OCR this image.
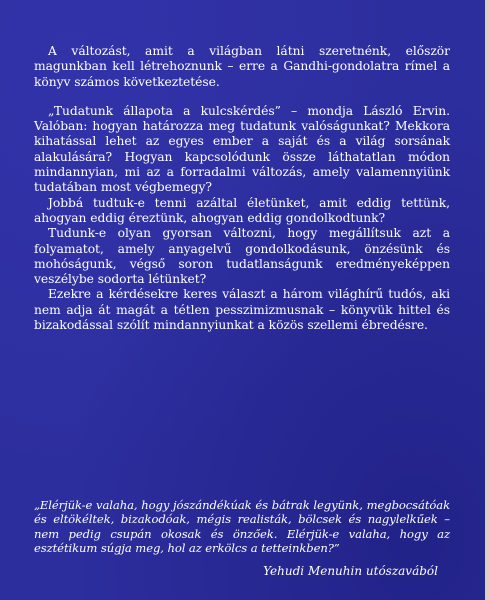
A változást, amit a világban látni szeretnénk, először magunkban kell létrehoznunk – erre a Gandhi-gondolatra rímel a könyv számos következtetése.

„Tudatunk állapota a kulcskérdés” – mondja László Ervin. Valóban: hogyan határozza meg tudatunk valóságunkat? Mekkora kihatással lehet az egyes ember a saját és a világ sorsának alakulására? Hogyan kapcsolódunk össze láthatatlan módon mindannyian, mi az a forradalmi változás, amely valamennyiünk tudatában most végbemegy?

Jobbá tudtuk-e tenni azáltal életünket, amit eddig tettünk, ahogyan eddig éreztünk, ahogyan eddig gondolkodtunk?

Tudunk-e olyan gyorsan változni, hogy megállítsuk azt a folyamatot, amely anyagelvű gondolkodásunk, önzésünk és mohóságunk, végső soron tudatlanságunk eredményeképpen veszélybe sodorta létünket?

Ezekre a kérdésekre keres választ a három világhírű tudós, aki nem adja át magát a tétlen pesszimizmusnak – könyvük hittel és bizakodással szólít mindannyiunkat a közös szellemi ébredésre.

„Elérjük-e valaha, hogy jószándékúak és bátrak legyünk, megbocsátóak és eltökéltek, bizakodóak, mégis realisták, bölcsek és nagylelkűek – nem pedig csupán okosak és önzőek. Elérjük-e valaha, hogy az esztétikum súgja meg, hol az erkölcs a tetteinkben?”

Yehudi Menuhin utószavából
